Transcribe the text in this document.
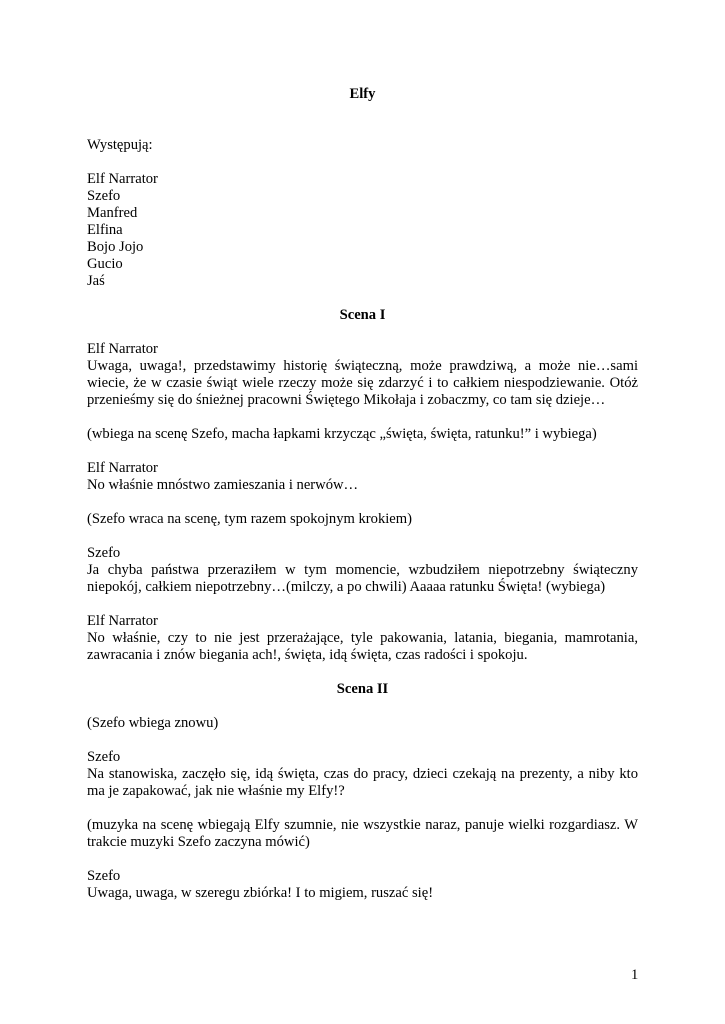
Elfy

Występują:

Elf Narrator
Szefo
Manfred
Elfina
Bojo Jojo
Gucio
Jaś

Scena I

Elf Narrator

Uwaga, uwaga!, przedstawimy historię świąteczną, może prawdziwą, a może nie…sami wiecie, że w czasie świąt wiele rzeczy może się zdarzyć i to całkiem niespodziewanie. Otóż przenieśmy się do śnieżnej pracowni Świętego Mikołaja i zobaczmy, co tam się dzieje…

(wbiega na scenę Szefo, macha łapkami krzycząc „święta, święta, ratunku!” i wybiega)

Elf Narrator

No właśnie mnóstwo zamieszania i nerwów…

(Szefo wraca na scenę, tym razem spokojnym krokiem)

Szefo

Ja chyba państwa przeraziłem w tym momencie, wzbudziłem niepotrzebny świąteczny niepokój, całkiem niepotrzebny…(milczy, a po chwili) Aaaaa ratunku Święta! (wybiega)

Elf Narrator

No właśnie, czy to nie jest przerażające, tyle pakowania, latania, biegania, mamrotania, zawracania i znów biegania ach!, święta, idą święta, czas radości i spokoju.

Scena II

(Szefo wbiega znowu)

Szefo

Na stanowiska, zaczęło się, idą święta, czas do pracy, dzieci czekają na prezenty, a niby kto ma je zapakować, jak nie właśnie my Elfy!?

(muzyka na scenę wbiegają Elfy szumnie, nie wszystkie naraz, panuje wielki rozgardiasz. W trakcie muzyki Szefo zaczyna mówić)

Szefo

Uwaga, uwaga, w szeregu zbiórka! I to migiem, ruszać się!

1
